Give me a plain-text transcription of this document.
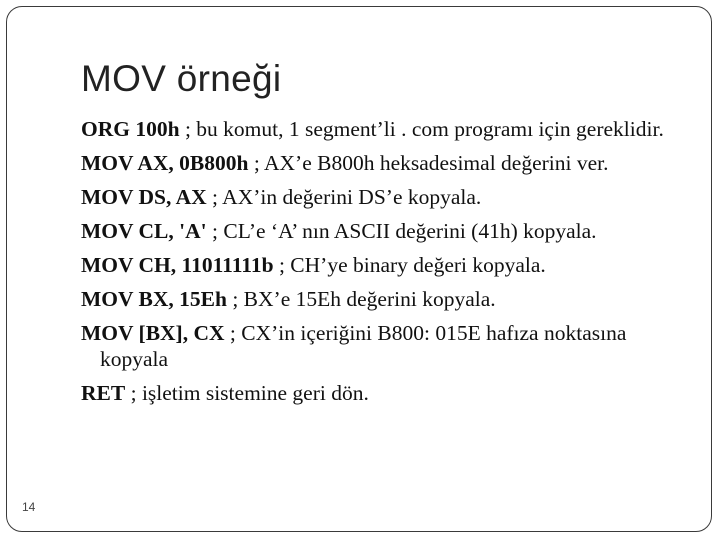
MOV örneği
ORG 100h ; bu komut, 1 segment’li . com programı için gereklidir.
MOV AX, 0B800h ; AX’e B800h heksadesimal değerini ver.
MOV DS, AX ; AX’in değerini DS’e kopyala.
MOV CL, 'A' ; CL’e ‘A’ nın ASCII değerini (41h) kopyala.
MOV CH, 11011111b ; CH’ye binary değeri kopyala.
MOV BX, 15Eh ; BX’e 15Eh değerini kopyala.
MOV [BX], CX ; CX’in içeriğini B800: 015E hafıza noktasına kopyala
RET ; işletim sistemine geri dön.
14
